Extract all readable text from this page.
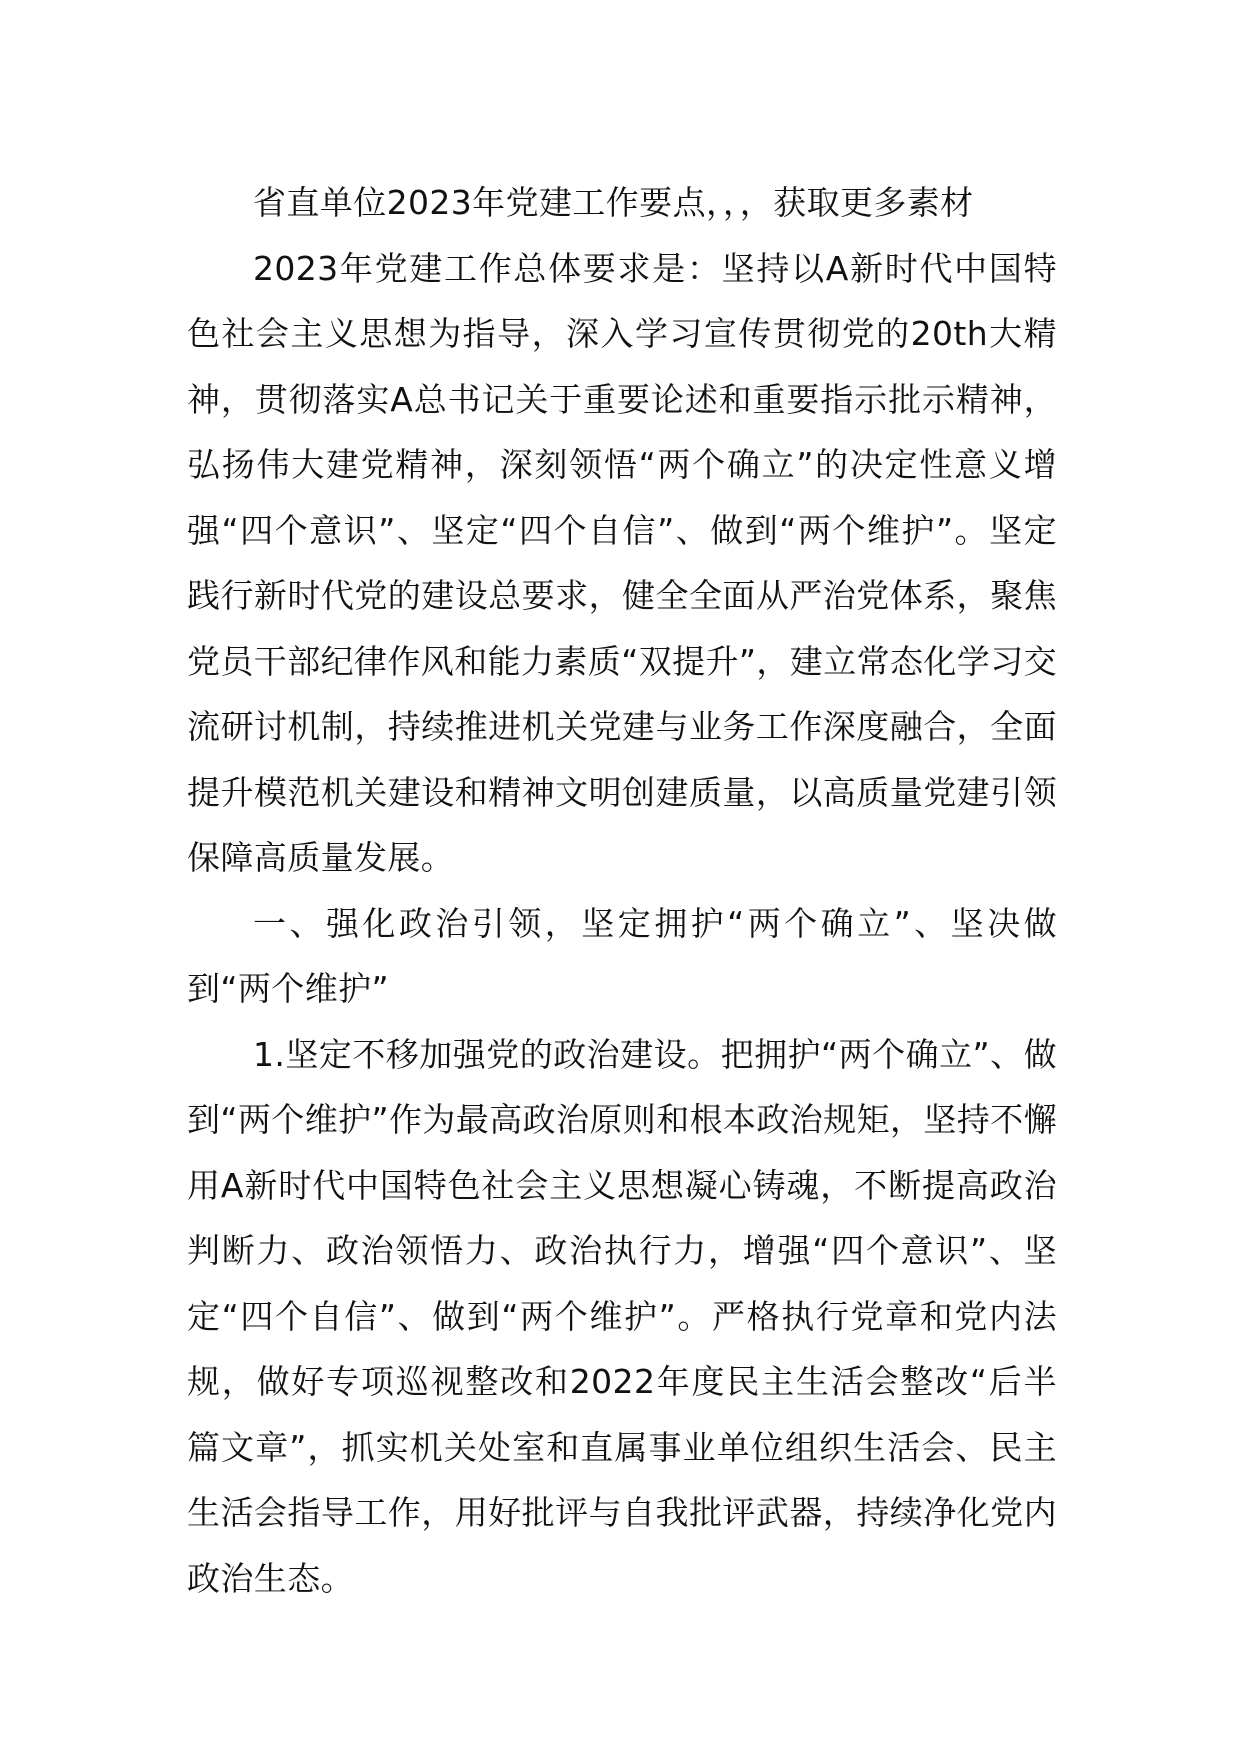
省直单位2023年党建工作要点，，，获取更多素材

2023年党建工作总体要求是：坚持以A新时代中国特色社会主义思想为指导，深入学习宣传贯彻党的20th大精神，贯彻落实A总书记关于重要论述和重要指示批示精神，弘扬伟大建党精神，深刻领悟“两个确立”的决定性意义增强“四个意识”、坚定“四个自信”、做到“两个维护”。坚定践行新时代党的建设总要求，健全全面从严治党体系，聚焦党员干部纪律作风和能力素质“双提升”，建立常态化学习交流研讨机制，持续推进机关党建与业务工作深度融合，全面提升模范机关建设和精神文明创建质量，以高质量党建引领保障高质量发展。

一、强化政治引领，坚定拥护“两个确立”、坚决做到“两个维护”

1.坚定不移加强党的政治建设。把拥护“两个确立”、做到“两个维护”作为最高政治原则和根本政治规矩，坚持不懈用A新时代中国特色社会主义思想凝心铸魂，不断提高政治判断力、政治领悟力、政治执行力，增强“四个意识”、坚定“四个自信”、做到“两个维护”。严格执行党章和党内法规，做好专项巡视整改和2022年度民主生活会整改“后半篇文章”，抓实机关处室和直属事业单位组织生活会、民主生活会指导工作，用好批评与自我批评武器，持续净化党内政治生态。
